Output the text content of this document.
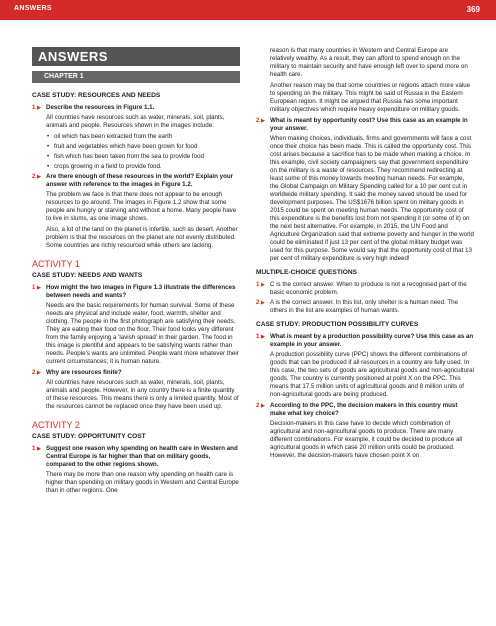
ANSWERS	369
ANSWERS
CHAPTER 1
CASE STUDY: RESOURCES AND NEEDS
1 ▶ Describe the resources in Figure 1.1.
All countries have resources such as water, minerals, soil, plants, animals and people. Resources shown in the images include:
• oil which has been extracted from the earth
• fruit and vegetables which have been grown for food
• fish which has been taken from the sea to provide food
• crops growing in a field to provide food.
2 ▶ Are there enough of these resources in the world? Explain your answer with reference to the images in Figure 1.2.
The problem we face is that there does not appear to be enough resources to go around. The images in Figure 1.2 show that some people are hungry or starving and without a home. Many people have to live in slums, as one image shows.
Also, a lot of the land on the planet is infertile, such as desert. Another problem is that the resources on the planet are not evenly distributed. Some countries are richly resourced while others are lacking.
ACTIVITY 1
CASE STUDY: NEEDS AND WANTS
1 ▶ How might the two images in Figure 1.3 illustrate the differences between needs and wants?
Needs are the basic requirements for human survival. Some of these needs are physical and include water, food, warmth, shelter and clothing. The people in the first photograph are satisfying their needs. They are eating their food on the floor. Their food looks very different from the family enjoying a 'lavish spread' in their garden. The food in this image is plentiful and appears to be satisfying wants rather than needs. People's wants are unlimited. People want more whatever their current circumstances; it is human nature.
2 ▶ Why are resources finite?
All countries have resources such as water, minerals, soil, plants, animals and people. However, in any country there is a finite quantity of these resources. This means there is only a limited quantity. Most of the resources cannot be replaced once they have been used up.
ACTIVITY 2
CASE STUDY: OPPORTUNITY COST
1 ▶ Suggest one reason why spending on health care in Western and Central Europe is far higher than that on military goods, compared to the other regions shown.
There may be more than one reason why spending on health care is higher than spending on military goods in Western and Central Europe than in other regions. One
reason is that many countries in Western and Central Europe are relatively wealthy. As a result, they can afford to spend enough on the military to maintain security and have enough left over to spend more on health care.
Another reason may be that some countries or regions attach more value to spending on the military. This might be said of Russia in the Eastern European region. It might be argued that Russia has some important military objectives which require heavy expenditure on military goods.
2 ▶ What is meant by opportunity cost? Use this case as an example in your answer.
When making choices, individuals, firms and governments will face a cost once their choice has been made. This is called the opportunity cost. This cost arises because a sacrifice has to be made when making a choice. In this example, civil society campaigners say that government expenditure on the military is a waste of resources. They recommend redirecting at least some of this money towards meeting human needs. For example, the Global Campaign on Military Spending called for a 10 per cent cut in worldwide military spending. It said the money saved should be used for development purposes. The US$1676 billion spent on military goods in 2015 could be spent on meeting human needs. The opportunity cost of this expenditure is the benefits lost from not spending it (or some of it) on the next best alternative. For example, in 2015, the UN Food and Agriculture Organization said that extreme poverty and hunger in the world could be eliminated if just 13 per cent of the global military budget was used for this purpose. Some would say that the opportunity cost of that 13 per cent of military expenditure is very high indeed!
MULTIPLE-CHOICE QUESTIONS
1 ▶ C is the correct answer. When to produce is not a recognised part of the basic economic problem.
2 ▶ A is the correct answer. In this list, only shelter is a human need. The others in the list are examples of human wants.
CASE STUDY: PRODUCTION POSSIBILITY CURVES
1 ▶ What is meant by a production possibility curve? Use this case as an example in your answer.
A production possibility curve (PPC) shows the different combinations of goods that can be produced if all resources in a country are fully used. In this case, the two sets of goods are agricultural goods and non-agricultural goods. The country is currently positioned at point X on the PPC. This means that 17.5 million units of agricultural goods and 8 million units of non-agricultural goods are being produced.
2 ▶ According to the PPC, the decision makers in this country must make what key choice?
Decision-makers in this case have to decide which combination of agricultural and non-agricultural goods to produce. There are many different combinations. For example, it could be decided to produce all agricultural goods in which case 20 million units could be produced. However, the decision-makers have chosen point X on
